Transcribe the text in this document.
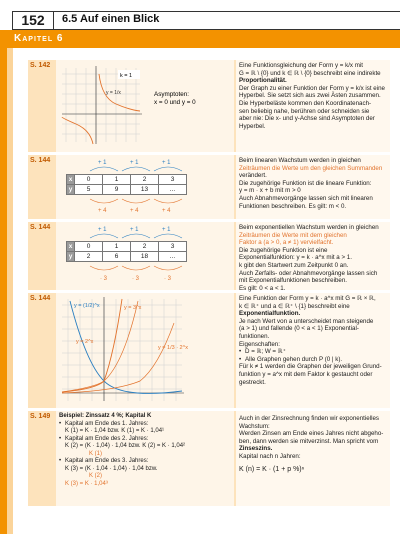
152	6.5 Auf einen Blick
Kapitel 6
S. 142
k = 1
y = 1/x	Asymptoten:
x = 0 und y = 0
Eine Funktionsgleichung der Form y = k/x mit
G = ℝ \ {0} und k ∈ ℝ \ {0} beschreibt eine indirekte
Proportionalität.
Der Graph zu einer Funktion der Form y = k/x ist eine
Hyperbel. Sie setzt sich aus zwei Ästen zusammen.
Die Hyperbeläste kommen den Koordinatenach-
sen beliebig nahe, berühren oder schneiden sie
aber nie: Die x- und y-Achse sind Asymptoten der
Hyperbel.
S. 144	+ 1	+ 1	+ 1
+ 4	+ 4	+ 4
x	0	1	2	3
y	5	9	13	...
Beim linearen Wachstum werden in gleichen
Zeiträumen die Werte um den gleichen Summanden
verändert.
Die zugehörige Funktion ist die lineare Funktion:
y = m · x + b mit m > 0
Auch Abnahmevorgänge lassen sich mit linearen
Funktionen beschreiben. Es gilt: m < 0.
S. 144	+ 1	+ 1	+ 1
· 3	· 3	· 3
x	0	1	2	3
y	2	6	18	...
Beim exponentiellen Wachstum werden in gleichen
Zeiträumen die Werte mit dem gleichen
Faktor a (a > 0, a ≠ 1) vervielfacht.
Die zugehörige Funktion ist eine
Exponentialfunktion: y = k · a^x mit a > 1.
k gibt den Startwert zum Zeitpunkt 0 an.
Auch Zerfalls- oder Abnahmevorgänge lassen sich
mit Exponentialfunktionen beschreiben.
Es gilt: 0 < a < 1.
S. 144
y = (1/2)^x	y = 3^x
y = 2^x
y = 1/3 · 2^x
Eine Funktion der Form y = k · a^x mit G = ℝ × ℝ,
k ∈ ℝ⁺ und a ∈ ℝ⁺ \ {1} beschreibt eine
Exponentialfunktion.
Je nach Wert von a unterscheidet man steigende
(a > 1) und fallende (0 < a < 1) Exponential-
funktionen.
Eigenschaften:
• D = ℝ; W = ℝ⁺
• Alle Graphen gehen durch P (0 | k).
Für k ≠ 1 werden die Graphen der jeweiligen Grund-
funktion y = a^x mit dem Faktor k gestaucht oder
gestreckt.
S. 149 Beispiel: Zinssatz 4 %; Kapital K
• Kapital am Ende des 1. Jahres:
K (1) = K · 1,04 bzw. K (1) = K · 1,04¹
• Kapital am Ende des 2. Jahres:
K (2) = (K · 1,04) · 1,04 bzw. K (2) = K · 1,04²
K (1)
• Kapital am Ende des 3. Jahres:
K (3) = (K · 1,04 · 1,04) · 1,04 bzw.
K (2)
K (3) = K · 1,04³
Auch in der Zinsrechnung finden wir exponentielles
Wachstum:
Werden Zinsen am Ende eines Jahres nicht abgeho-
ben, dann werden sie mitverzinst. Man spricht vom
Zinseszins.
Kapital nach n Jahren:
K (n) = K · (1 + p %)ⁿ
